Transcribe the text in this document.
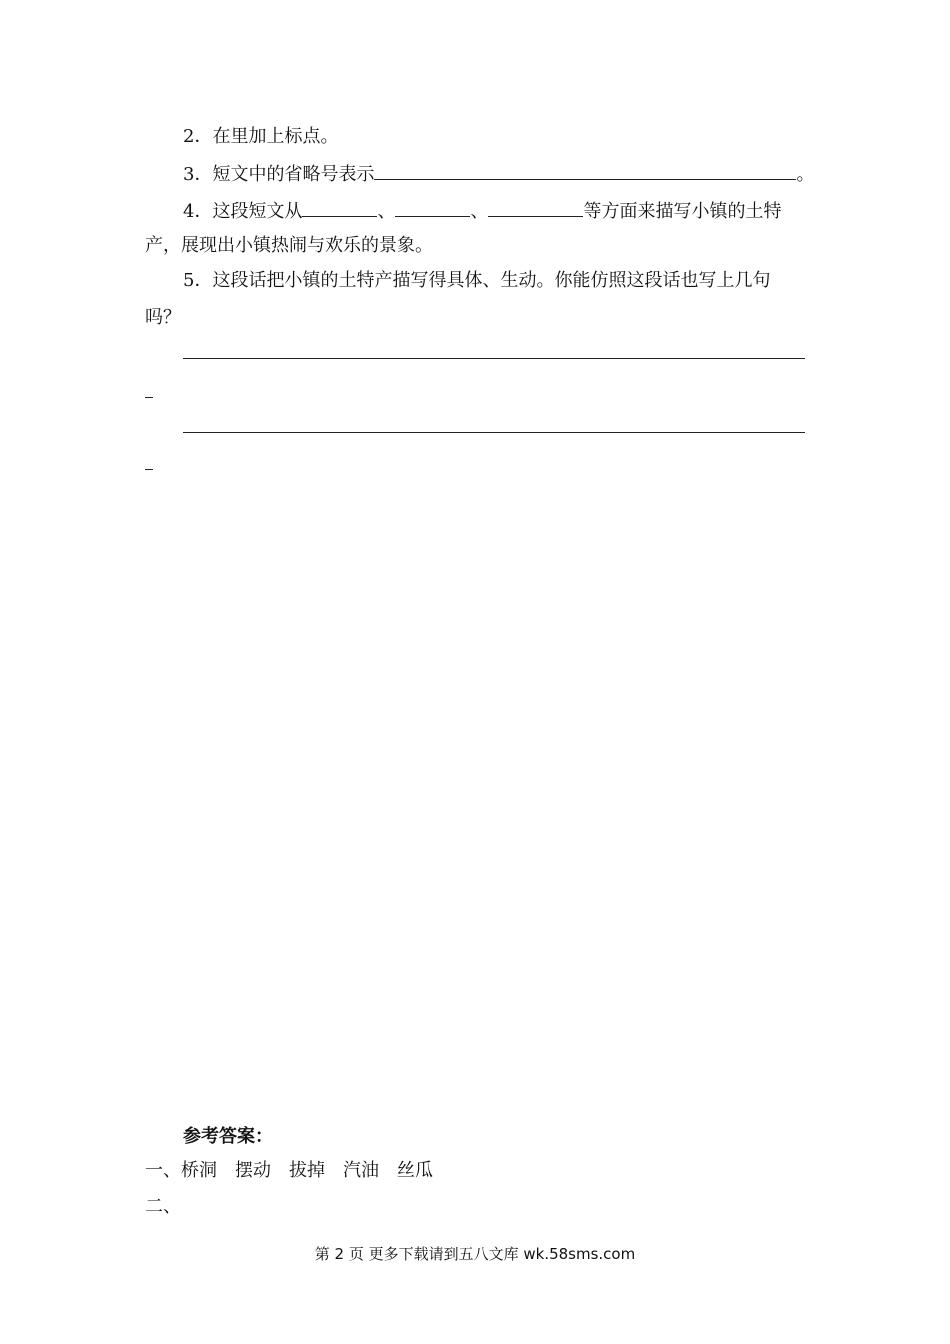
2．在里加上标点。
3．短文中的省略号表示	。
4．这段短文从	、	、	等方面来描写小镇的土特
产，展现出小镇热闹与欢乐的景象。
5．这段话把小镇的土特产描写得具体、生动。你能仿照这段话也写上几句
吗？
参考答案：
一、桥洞 摆动 拔掉 汽油 丝瓜
二、
第 2 页 更多下载请到五八文库 wk.58sms.com
